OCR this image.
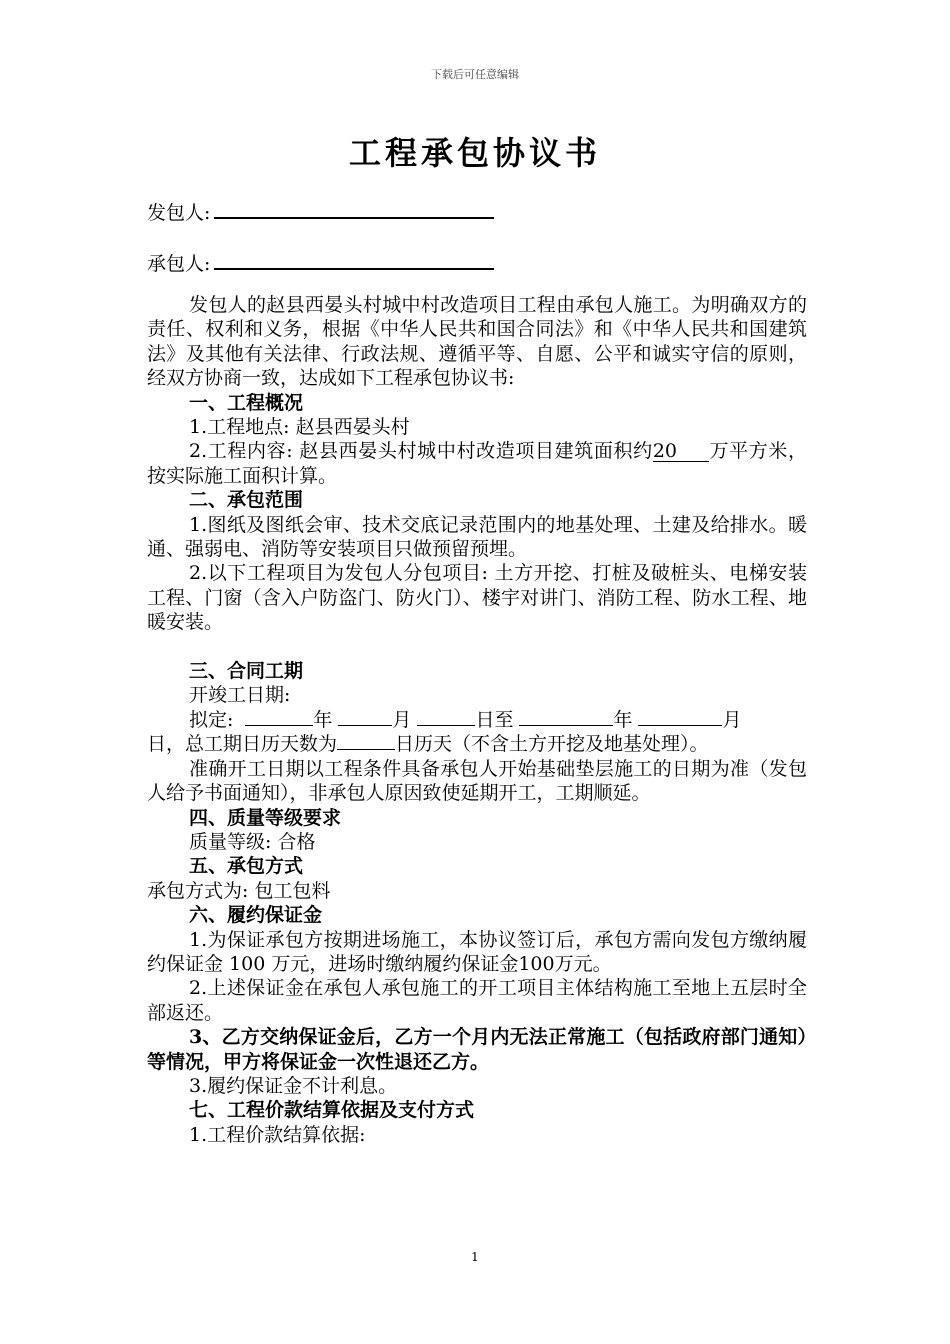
下载后可任意编辑
工程承包协议书
发包人:
承包人:

发包人的赵县西晏头村城中村改造项目工程由承包人施工。为明确双方的责任、权利和义务，根据《中华人民共和国合同法》和《中华人民共和国建筑法》及其他有关法律、行政法规、遵循平等、自愿、公平和诚实守信的原则，经双方协商一致，达成如下工程承包协议书:

一、工程概况

1.工程地点: 赵县西晏头村

2.工程内容: 赵县西晏头村城中村改造项目建筑面积约20 万平方米，按实际施工面积计算。

二、承包范围

1.图纸及图纸会审、技术交底记录范围内的地基处理、土建及给排水。暖通、强弱电、消防等安装项目只做预留预埋。

2.以下工程项目为发包人分包项目: 土方开挖、打桩及破桩头、电梯安装工程、门窗（含入户防盗门、防火门）、楼宇对讲门、消防工程、防水工程、地暖安装。

三、合同工期

开竣工日期:

拟定:	年	月	日至	年	月

日，总工期日历天数为	日历天（不含土方开挖及地基处理）。

准确开工日期以工程条件具备承包人开始基础垫层施工的日期为准（发包人给予书面通知），非承包人原因致使延期开工，工期顺延。

四、质量等级要求

质量等级: 合格

五、承包方式

承包方式为: 包工包料

六、履约保证金

1.为保证承包方按期进场施工，本协议签订后，承包方需向发包方缴纳履约保证金 100 万元，进场时缴纳履约保证金100万元。

2.上述保证金在承包人承包施工的开工项目主体结构施工至地上五层时全部返还。

3、乙方交纳保证金后，乙方一个月内无法正常施工（包括政府部门通知）等情况，甲方将保证金一次性退还乙方。

3.履约保证金不计利息。

七、工程价款结算依据及支付方式

1.工程价款结算依据:

1
